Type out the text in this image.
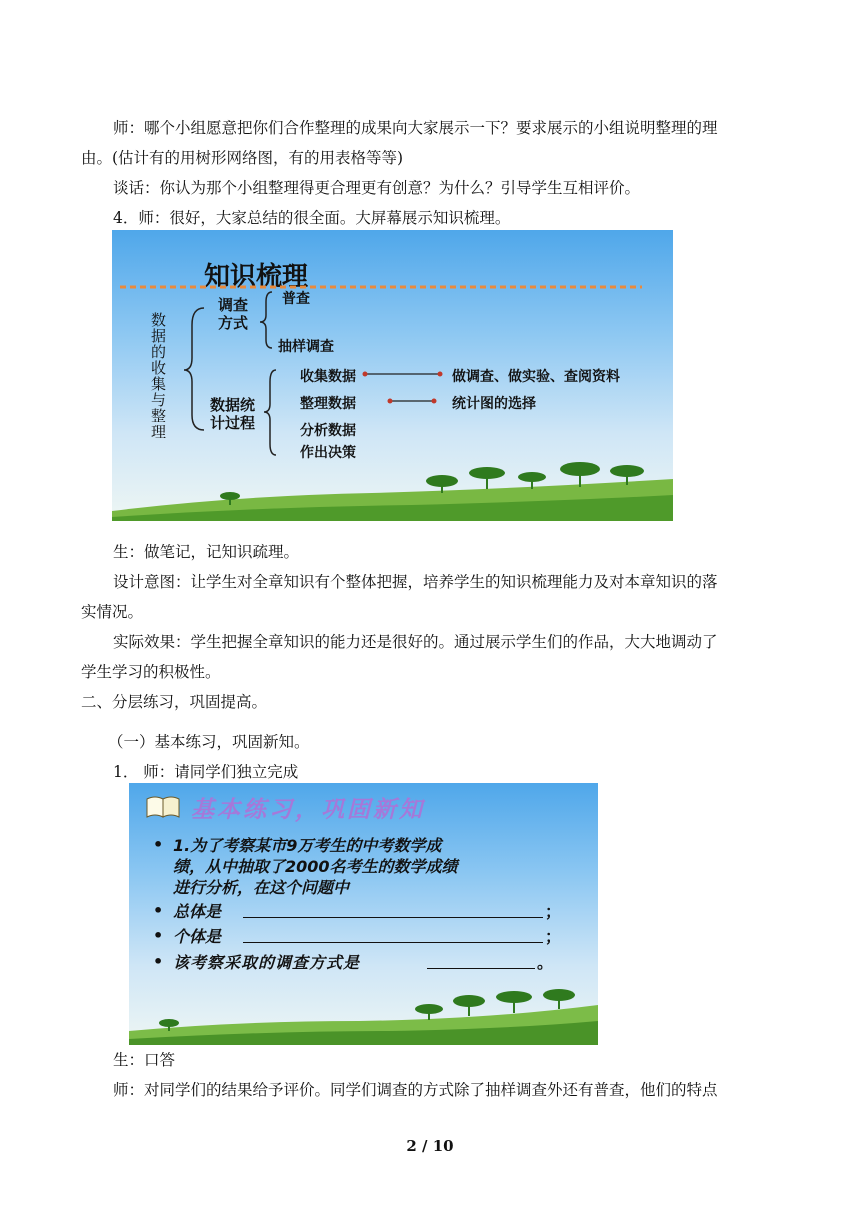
师：哪个小组愿意把你们合作整理的成果向大家展示一下？要求展示的小组说明整理的理
由。(估计有的用树形网络图，有的用表格等等)
谈话：你认为那个小组整理得更合理更有创意？为什么？引导学生互相评价。
4．师：很好，大家总结的很全面。大屏幕展示知识梳理。
知识梳理
数据的收集与整理
调查
方式
普查
抽样调查
数据统
计过程
收集数据	做调查、做实验、查阅资料
整理数据	统计图的选择
分析数据
作出决策
生：做笔记，记知识疏理。
设计意图：让学生对全章知识有个整体把握，培养学生的知识梳理能力及对本章知识的落
实情况。
实际效果：学生把握全章知识的能力还是很好的。通过展示学生们的作品，大大地调动了
学生学习的积极性。
二、分层练习，巩固提高。
（一）基本练习，巩固新知。
1． 师：请同学们独立完成
基本练习，巩固新知
• 1.为了考察某市9万考生的中考数学成
绩，从中抽取了2000名考生的数学成绩
进行分析，在这个问题中
• 总体是	；
• 个体是	；
• 该考察采取的调查方式是	。
生：口答
师：对同学们的结果给予评价。同学们调查的方式除了抽样调查外还有普查，他们的特点
2 / 10
